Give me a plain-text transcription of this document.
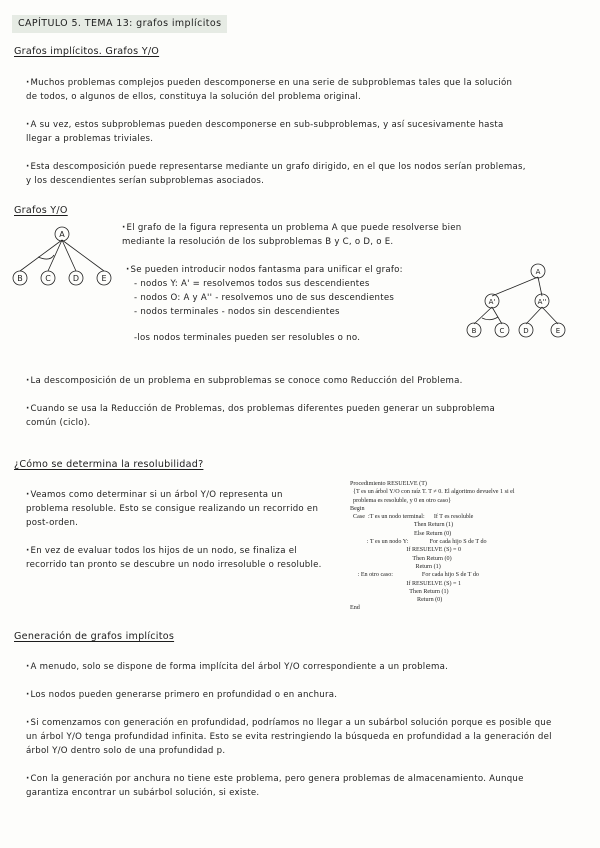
CAPÍTULO 5. TEMA 13: grafos implícitos
Grafos implícitos. Grafos Y/O
· Muchos problemas complejos pueden descomponerse en una serie de subproblemas tales que la solución de todos, o algunos de ellos, constituya la solución del problema original.
· A su vez, estos subproblemas pueden descomponerse en sub-subproblemas, y así sucesivamente hasta llegar a problemas triviales.
· Esta descomposición puede representarse mediante un grafo dirigido, en el que los nodos serían problemas, y los descendientes serían subproblemas asociados.
Grafos Y/O
A
B	C	D	E
· El grafo de la figura representa un problema A que puede resolverse bien mediante la resolución de los subproblemas B y C, o D, o E.
· Se pueden introducir nodos fantasma para unificar el grafo:
- nodos Y: A' = resolvemos todos sus descendientes
- nodos O: A y A'' - resolvemos uno de sus descendientes
- nodos terminales - nodos sin descendientes
-los nodos terminales pueden ser resolubles o no.
A
A'	A''
B	C	D	E
· La descomposición de un problema en subproblemas se conoce como Reducción del Problema.
· Cuando se usa la Reducción de Problemas, dos problemas diferentes pueden generar un subproblema común (ciclo).
¿Cómo se determina la resolubilidad?
· Veamos como determinar si un árbol Y/O representa un problema resoluble. Esto se consigue realizando un recorrido en post-orden.
· En vez de evaluar todos los hijos de un nodo, se finaliza el recorrido tan pronto se descubre un nodo irresoluble o resoluble.
Procedimiento RESUELVE (T)
{T es un árbol Y/O con raíz T. T ≠ 0. El algoritmo devuelve 1 si el
problema es resoluble, y 0 en otro caso}
Begin
Case  :T es un nodo terminal:      If T es resoluble
Then Return (1)
Else Return (0)
: T es un nodo Y:              For cada hijo S de T do
If RESUELVE (S) = 0
Then Return (0)
Return (1)
: En otro caso:                   For cada hijo S de T do
If RESUELVE (S) = 1
Then Return (1)
Return (0)
End
Generación de grafos implícitos
· A menudo, solo se dispone de forma implícita del árbol Y/O correspondiente a un problema.
· Los nodos pueden generarse primero en profundidad o en anchura.
· Si comenzamos con generación en profundidad, podríamos no llegar a un subárbol solución porque es posible que un árbol Y/O tenga profundidad infinita. Esto se evita restringiendo la búsqueda en profundidad a la generación del árbol Y/O dentro solo de una profundidad p.
· Con la generación por anchura no tiene este problema, pero genera problemas de almacenamiento. Aunque garantiza encontrar un subárbol solución, si existe.
